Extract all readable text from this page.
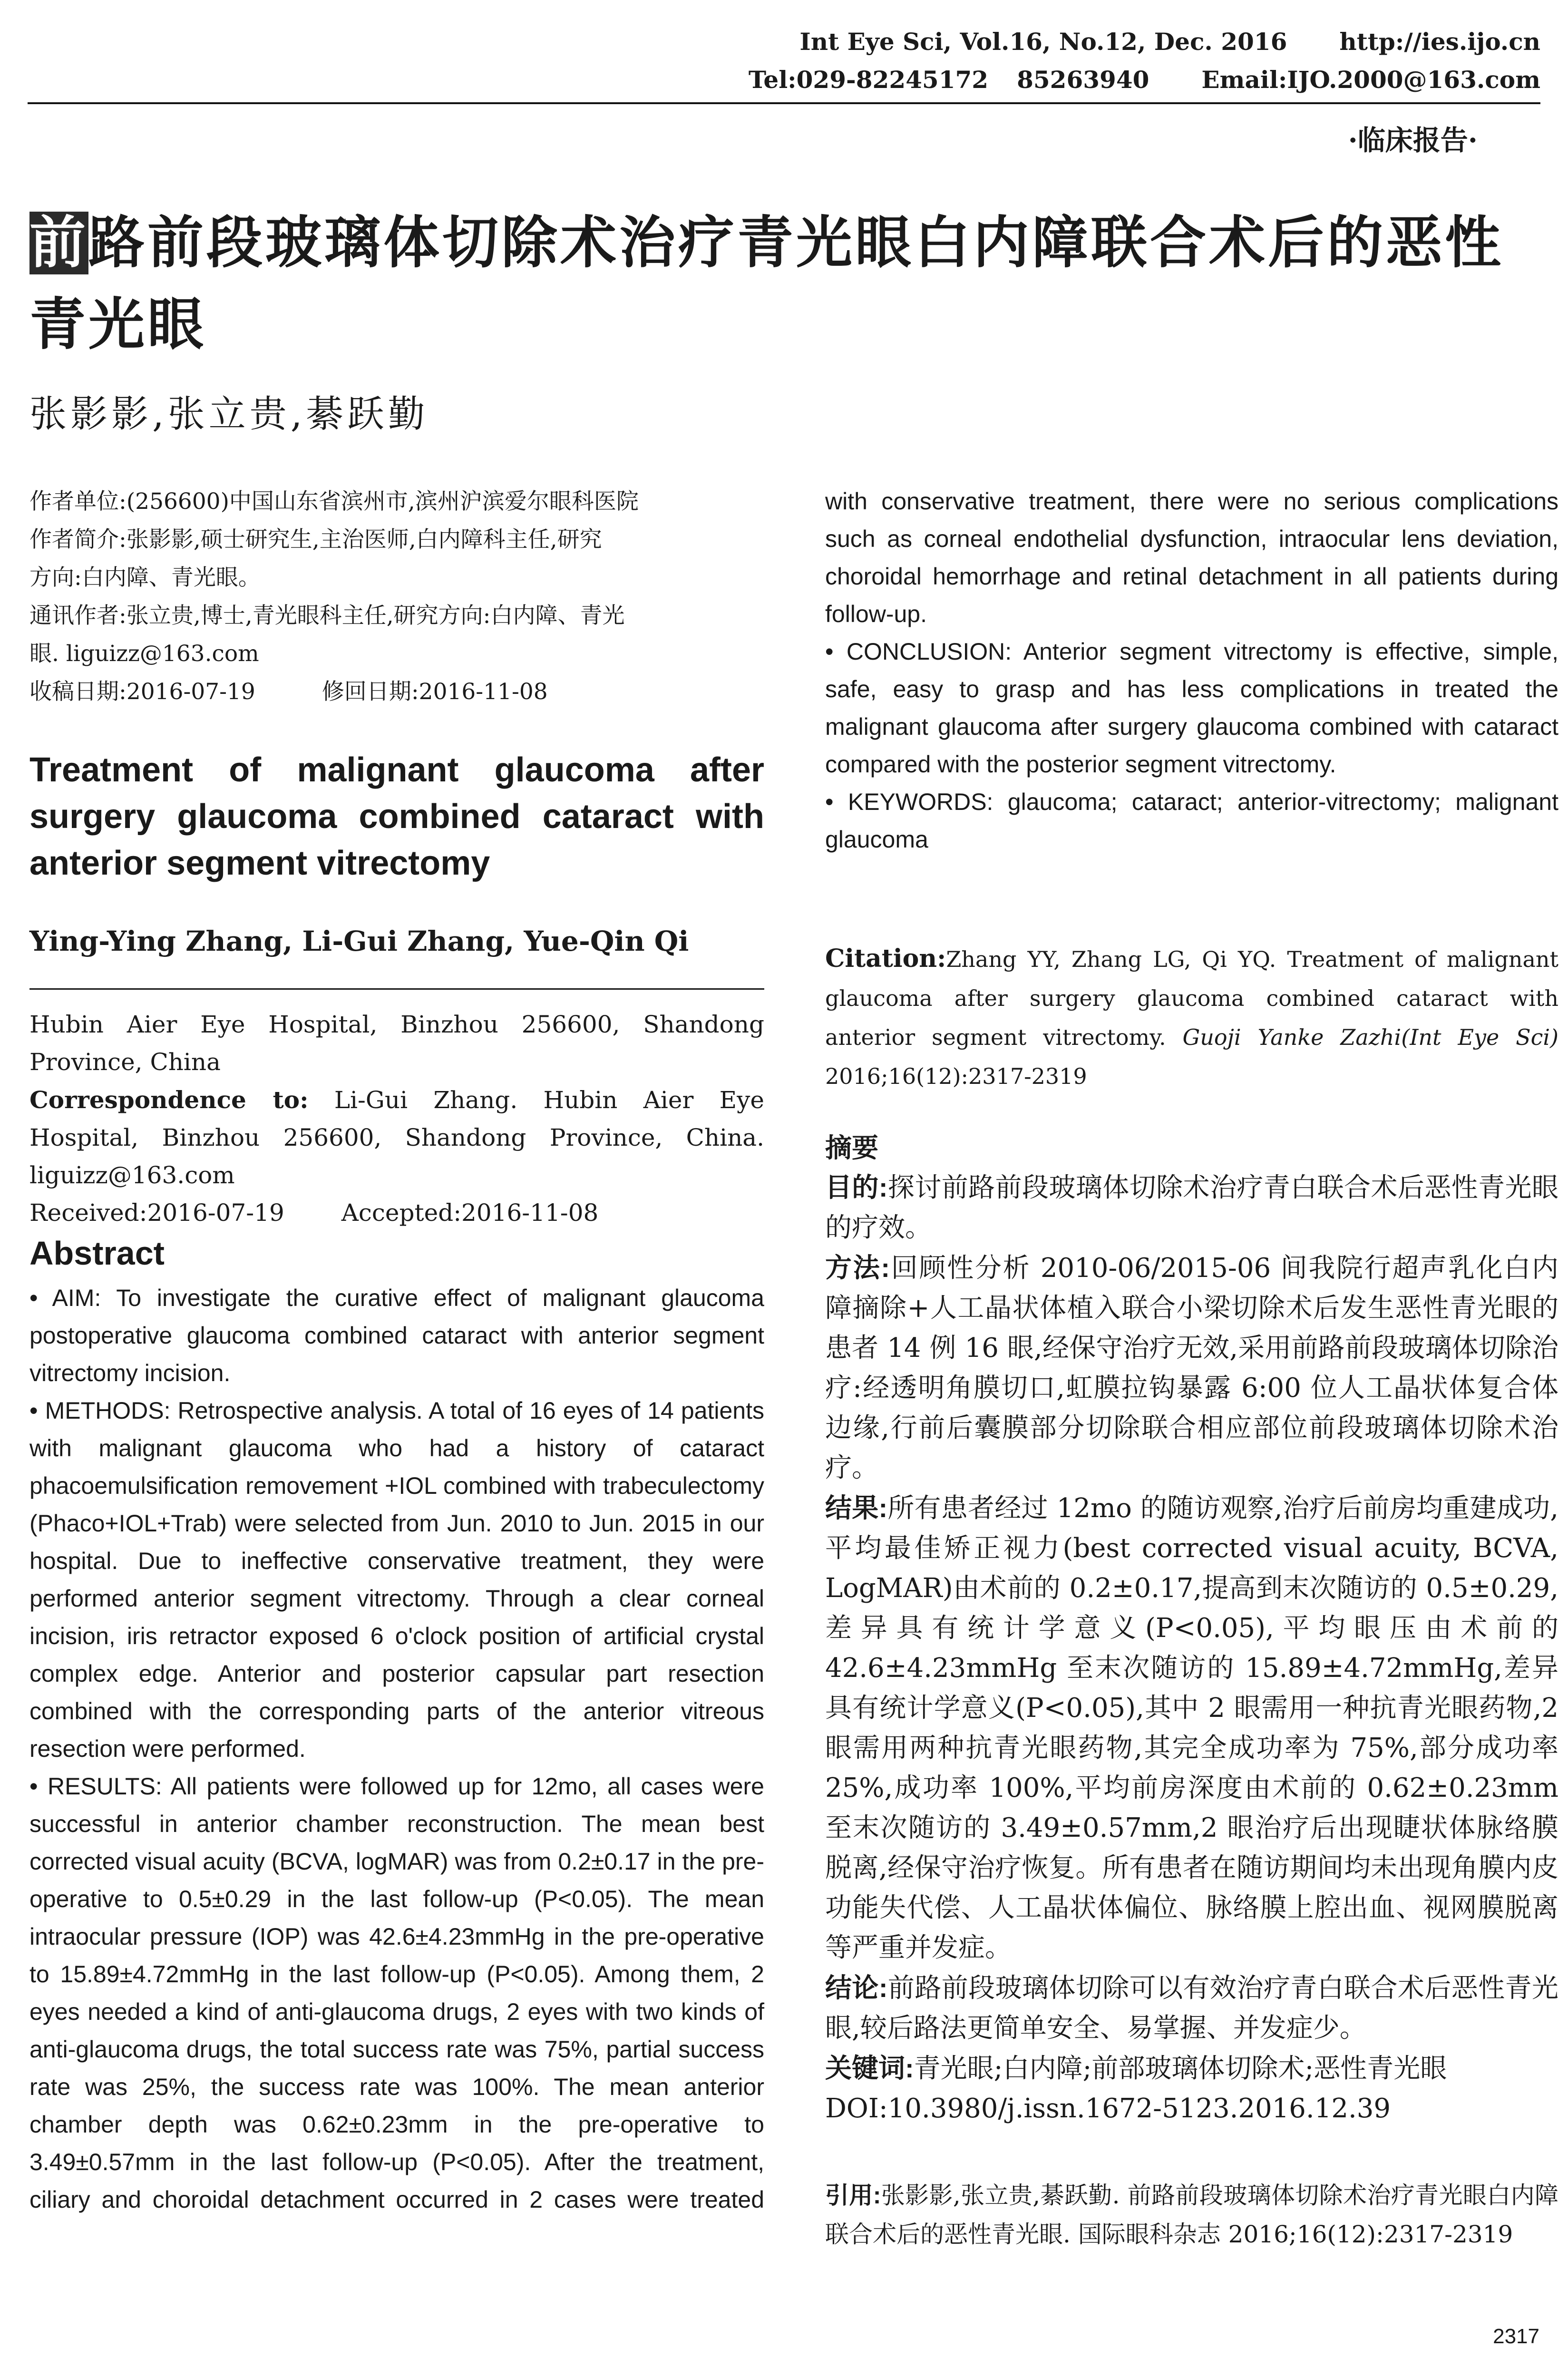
Int Eye Sci, Vol.16, No.12, Dec. 2016 http://ies.ijo.cn
Tel:029-82245172 85263940 Email:IJO.2000@163.com
·临床报告·
前路前段玻璃体切除术治疗青光眼白内障联合术后的恶性青光眼
张影影,张立贵,綦跃勤
作者单位:(256600)中国山东省滨州市,滨州沪滨爱尔眼科医院
作者简介:张影影,硕士研究生,主治医师,白内障科主任,研究
方向:白内障、青光眼。
通讯作者:张立贵,博士,青光眼科主任,研究方向:白内障、青光
眼. liguizz@163.com
收稿日期:2016-07-19	修回日期:2016-11-08
Treatment of malignant glaucoma after surgery glaucoma combined cataract with anterior segment vitrectomy
Ying-Ying Zhang, Li-Gui Zhang, Yue-Qin Qi

Hubin Aier Eye Hospital, Binzhou 256600, Shandong Province, China

Correspondence to: Li-Gui Zhang. Hubin Aier Eye Hospital, Binzhou 256600, Shandong Province, China. liguizz@163.com

Received:2016-07-19 Accepted:2016-11-08

Abstract

• AIM: To investigate the curative effect of malignant glaucoma postoperative glaucoma combined cataract with anterior segment vitrectomy incision.

• METHODS: Retrospective analysis. A total of 16 eyes of 14 patients with malignant glaucoma who had a history of cataract phacoemulsification removement +IOL combined with trabeculectomy (Phaco+IOL+Trab) were selected from Jun. 2010 to Jun. 2015 in our hospital. Due to ineffective conservative treatment, they were performed anterior segment vitrectomy. Through a clear corneal incision, iris retractor exposed 6 o'clock position of artificial crystal complex edge. Anterior and posterior capsular part resection combined with the corresponding parts of the anterior vitreous resection were performed.

• RESULTS: All patients were followed up for 12mo, all cases were successful in anterior chamber reconstruction. The mean best corrected visual acuity (BCVA, logMAR) was from 0.2±0.17 in the pre-operative to 0.5±0.29 in the last follow-up (P<0.05). The mean intraocular pressure (IOP) was 42.6±4.23mmHg in the pre-operative to 15.89±4.72mmHg in the last follow-up (P<0.05). Among them, 2 eyes needed a kind of anti-glaucoma drugs, 2 eyes with two kinds of anti-glaucoma drugs, the total success rate was 75%, partial success rate was 25%, the success rate was 100%. The mean anterior chamber depth was 0.62±0.23mm in the pre-operative to 3.49±0.57mm in the last follow-up (P<0.05). After the treatment, ciliary and choroidal detachment occurred in 2 cases were treated

with conservative treatment, there were no serious complications such as corneal endothelial dysfunction, intraocular lens deviation, choroidal hemorrhage and retinal detachment in all patients during follow-up.

• CONCLUSION: Anterior segment vitrectomy is effective, simple, safe, easy to grasp and has less complications in treated the malignant glaucoma after surgery glaucoma combined with cataract compared with the posterior segment vitrectomy.

• KEYWORDS: glaucoma; cataract; anterior-vitrectomy; malignant glaucoma

Citation:Zhang YY, Zhang LG, Qi YQ. Treatment of malignant glaucoma after surgery glaucoma combined cataract with anterior segment vitrectomy. Guoji Yanke Zazhi(Int Eye Sci) 2016;16(12):2317-2319
摘要

目的:探讨前路前段玻璃体切除术治疗青白联合术后恶性青光眼的疗效。

方法:回顾性分析 2010-06/2015-06 间我院行超声乳化白内障摘除+人工晶状体植入联合小梁切除术后发生恶性青光眼的患者 14 例 16 眼,经保守治疗无效,采用前路前段玻璃体切除治疗:经透明角膜切口,虹膜拉钩暴露 6:00 位人工晶状体复合体边缘,行前后囊膜部分切除联合相应部位前段玻璃体切除术治疗。

结果:所有患者经过 12mo 的随访观察,治疗后前房均重建成功,平均最佳矫正视力(best corrected visual acuity, BCVA, LogMAR)由术前的 0.2±0.17,提高到末次随访的 0.5±0.29,差异具有统计学意义(P<0.05),平均眼压由术前的 42.6±4.23mmHg 至末次随访的 15.89±4.72mmHg,差异具有统计学意义(P<0.05),其中 2 眼需用一种抗青光眼药物,2 眼需用两种抗青光眼药物,其完全成功率为 75%,部分成功率 25%,成功率 100%,平均前房深度由术前的 0.62±0.23mm 至末次随访的 3.49±0.57mm,2 眼治疗后出现睫状体脉络膜脱离,经保守治疗恢复。所有患者在随访期间均未出现角膜内皮功能失代偿、人工晶状体偏位、脉络膜上腔出血、视网膜脱离等严重并发症。

结论:前路前段玻璃体切除可以有效治疗青白联合术后恶性青光眼,较后路法更简单安全、易掌握、并发症少。

关键词:青光眼;白内障;前部玻璃体切除术;恶性青光眼

DOI:10.3980/j.issn.1672-5123.2016.12.39

引用:张影影,张立贵,綦跃勤. 前路前段玻璃体切除术治疗青光眼白内障联合术后的恶性青光眼. 国际眼科杂志 2016;16(12):2317-2319
2317
